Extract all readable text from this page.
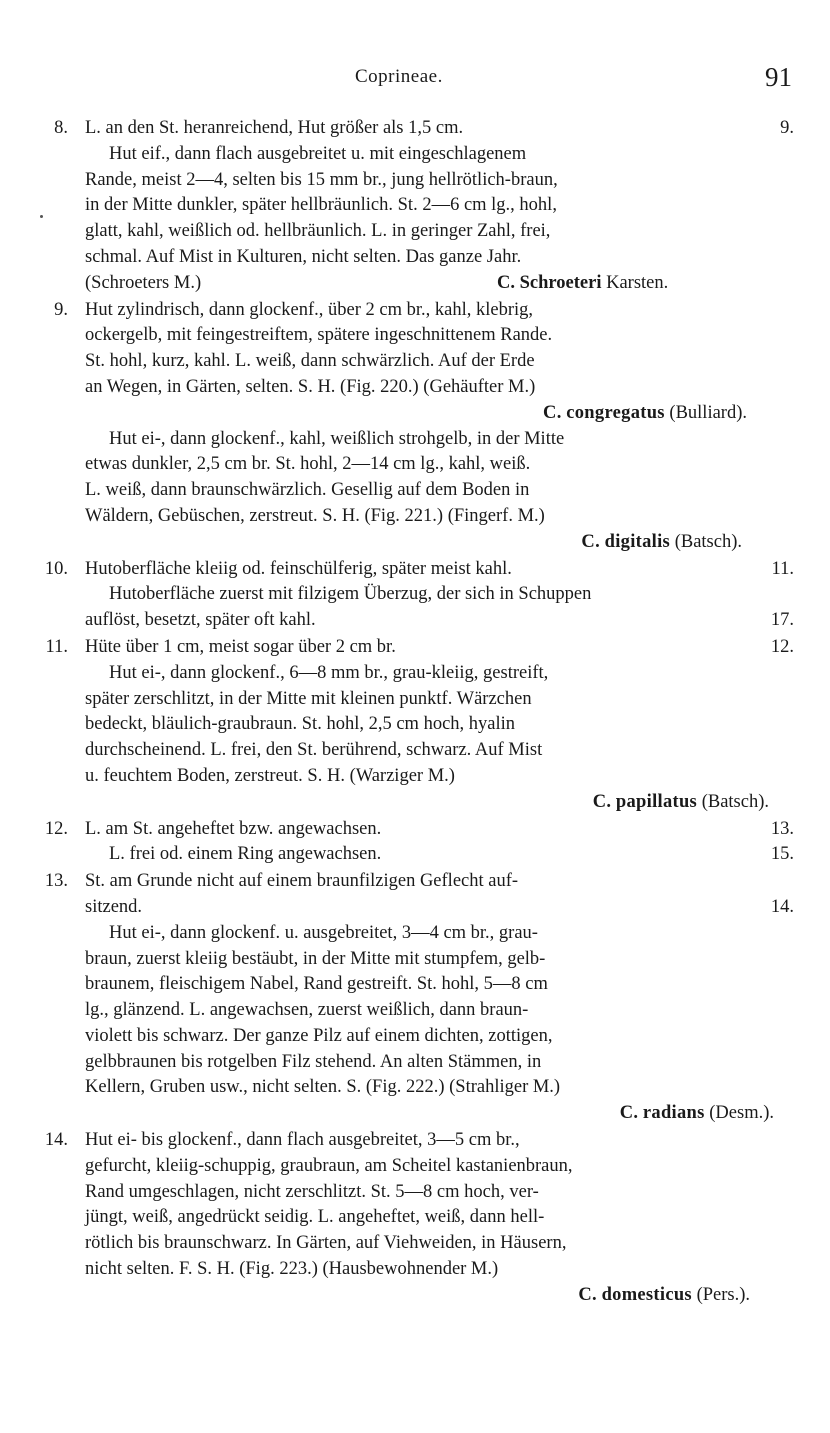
Coprineae.	91
8. L. an den St. heranreichend, Hut größer als 1,5 cm.	9.
Hut eif., dann flach ausgebreitet u. mit eingeschlagenem
Rande, meist 2—4, selten bis 15 mm br., jung hellrötlich-braun,
in der Mitte dunkler, später hellbräunlich. St. 2—6 cm lg., hohl,
glatt, kahl, weißlich od. hellbräunlich. L. in geringer Zahl, frei,
schmal. Auf Mist in Kulturen, nicht selten. Das ganze Jahr.
(Schroeters M.)	C. Schroeteri Karsten.
9. Hut zylindrisch, dann glockenf., über 2 cm br., kahl, klebrig,
ockergelb, mit feingestreiftem, spätere ingeschnittenem Rande.
St. hohl, kurz, kahl. L. weiß, dann schwärzlich. Auf der Erde
an Wegen, in Gärten, selten. S. H. (Fig. 220.) (Gehäufter M.)
C. congregatus (Bulliard).
Hut ei-, dann glockenf., kahl, weißlich strohgelb, in der Mitte
etwas dunkler, 2,5 cm br. St. hohl, 2—14 cm lg., kahl, weiß.
L. weiß, dann braunschwärzlich. Gesellig auf dem Boden in
Wäldern, Gebüschen, zerstreut. S. H. (Fig. 221.) (Fingerf. M.)
C. digitalis (Batsch).
10. Hutoberfläche kleiig od. feinschülferig, später meist kahl.	11.
Hutoberfläche zuerst mit filzigem Überzug, der sich in Schuppen
auflöst, besetzt, später oft kahl.	17.
11. Hüte über 1 cm, meist sogar über 2 cm br.	12.
Hut ei-, dann glockenf., 6—8 mm br., grau-kleiig, gestreift,
später zerschlitzt, in der Mitte mit kleinen punktf. Wärzchen
bedeckt, bläulich-graubraun. St. hohl, 2,5 cm hoch, hyalin
durchscheinend. L. frei, den St. berührend, schwarz. Auf Mist
u. feuchtem Boden, zerstreut. S. H. (Warziger M.)
C. papillatus (Batsch).
12. L. am St. angeheftet bzw. angewachsen.	13.
L. frei od. einem Ring angewachsen.	15.
13. St. am Grunde nicht auf einem braunfilzigen Geflecht auf-
sitzend.	14.
Hut ei-, dann glockenf. u. ausgebreitet, 3—4 cm br., grau-
braun, zuerst kleiig bestäubt, in der Mitte mit stumpfem, gelb-
braunem, fleischigem Nabel, Rand gestreift. St. hohl, 5—8 cm
lg., glänzend. L. angewachsen, zuerst weißlich, dann braun-
violett bis schwarz. Der ganze Pilz auf einem dichten, zottigen,
gelbbraunen bis rotgelben Filz stehend. An alten Stämmen, in
Kellern, Gruben usw., nicht selten. S. (Fig. 222.) (Strahliger M.)
C. radians (Desm.).
14. Hut ei- bis glockenf., dann flach ausgebreitet, 3—5 cm br.,
gefurcht, kleiig-schuppig, graubraun, am Scheitel kastanienbraun,
Rand umgeschlagen, nicht zerschlitzt. St. 5—8 cm hoch, ver-
jüngt, weiß, angedrückt seidig. L. angeheftet, weiß, dann hell-
rötlich bis braunschwarz. In Gärten, auf Viehweiden, in Häusern,
nicht selten. F. S. H. (Fig. 223.) (Hausbewohnender M.)
C. domesticus (Pers.).
